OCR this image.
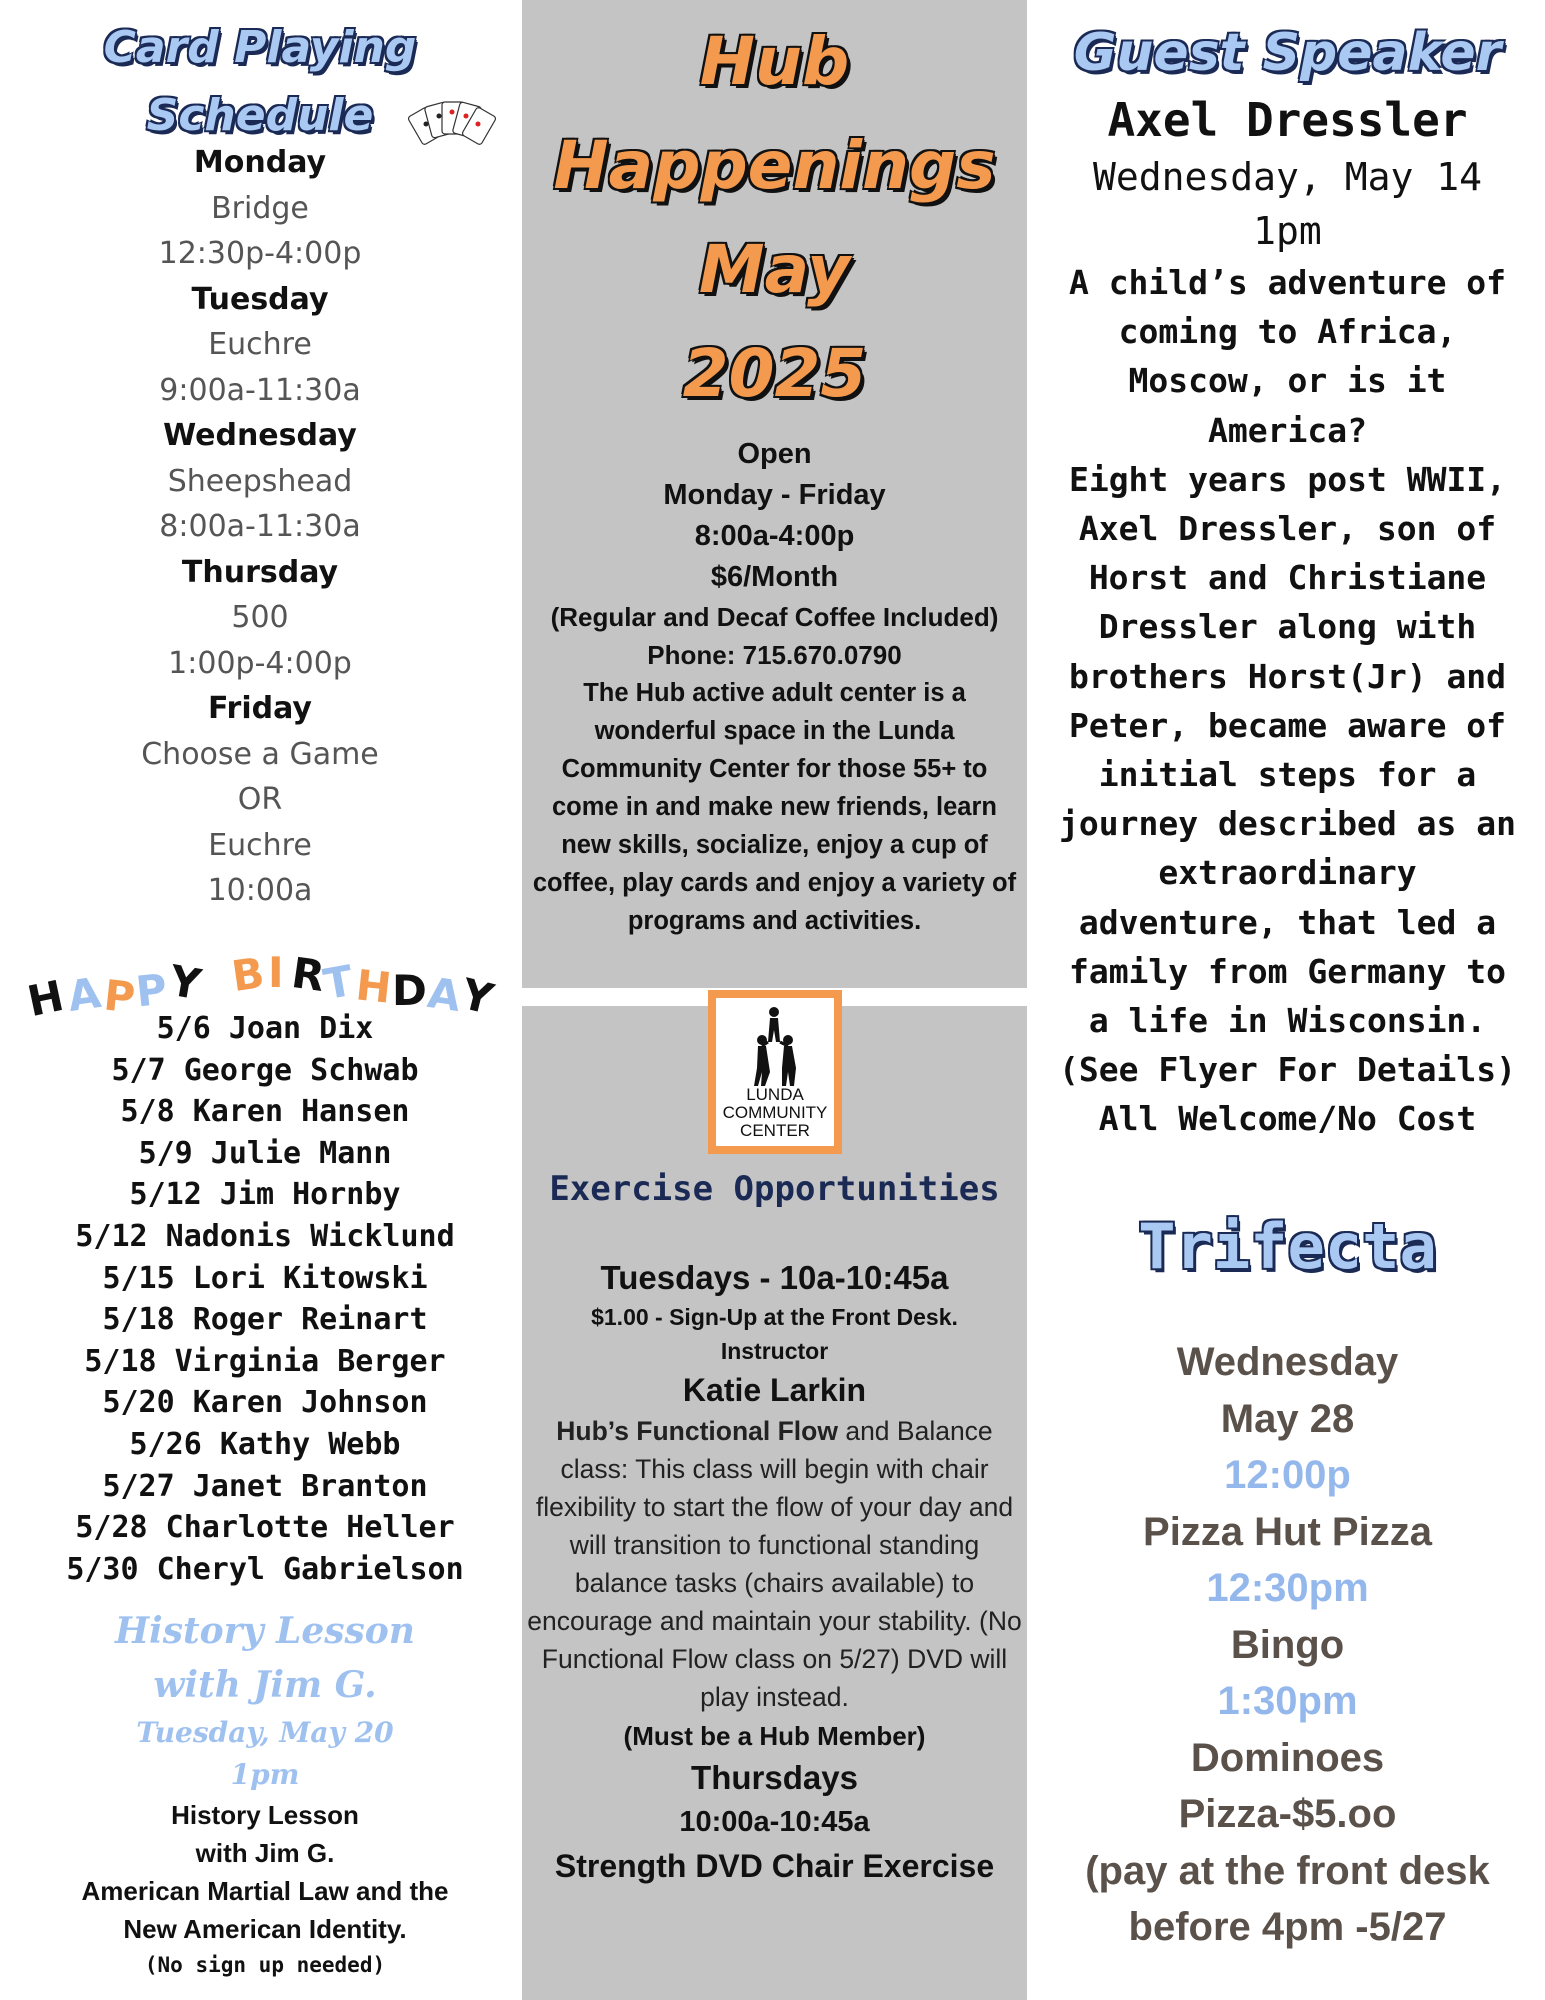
Card Playing Schedule
Monday
Bridge
12:30p-4:00p
Tuesday
Euchre
9:00a-11:30a
Wednesday
Sheepshead
8:00a-11:30a
Thursday
500
1:00p-4:00p
Friday
Choose a Game
OR
Euchre
10:00a
H
A
P
P
Y B I R
T
H
D
A
Y
5/6 Joan Dix
5/7 George Schwab
5/8 Karen Hansen
5/9 Julie Mann
5/12 Jim Hornby
5/12 Nadonis Wicklund
5/15 Lori Kitowski
5/18 Roger Reinart
5/18 Virginia Berger
5/20 Karen Johnson
5/26 Kathy Webb
5/27 Janet Branton
5/28 Charlotte Heller
5/30 Cheryl Gabrielson
History Lesson
with Jim G.
Tuesday, May 20
1pm
History Lesson
with Jim G.
American Martial Law and the
New American Identity.
(No sign up needed)
Hub
Happenings
May
2025
Open
Monday - Friday
8:00a-4:00p
$6/Month
(Regular and Decaf Coffee Included)
Phone: 715.670.0790
The Hub active adult center is a wonderful space in the Lunda Community Center for those 55+ to come in and make new friends, learn new skills, socialize, enjoy a cup of coffee, play cards and enjoy a variety of programs and activities.
LUNDA
COMMUNITY
CENTER
Exercise Opportunities
Tuesdays - 10a-10:45a
$1.00 - Sign-Up at the Front Desk.
Instructor
Katie Larkin
Hub’s Functional Flow and Balance class: This class will begin with chair flexibility to start the flow of your day and will transition to functional standing balance tasks (chairs available) to encourage and maintain your stability. (No Functional Flow class on 5/27) DVD will play instead.
(Must be a Hub Member)
Thursdays
10:00a-10:45a
Strength DVD Chair Exercise
Guest Speaker
Axel Dressler
Wednesday, May 14
1pm
A child’s adventure of
coming to Africa,
Moscow, or is it
America?
Eight years post WWII,
Axel Dressler, son of
Horst and Christiane
Dressler along with
brothers Horst(Jr) and
Peter, became aware of
initial steps for a
journey described as an
extraordinary
adventure, that led a
family from Germany to
a life in Wisconsin.
(See Flyer For Details)
All Welcome/No Cost
Trifecta
Wednesday
May 28
12:00p
Pizza Hut Pizza
12:30pm
Bingo
1:30pm
Dominoes
Pizza-$5.oo
(pay at the front desk
before 4pm -5/27
